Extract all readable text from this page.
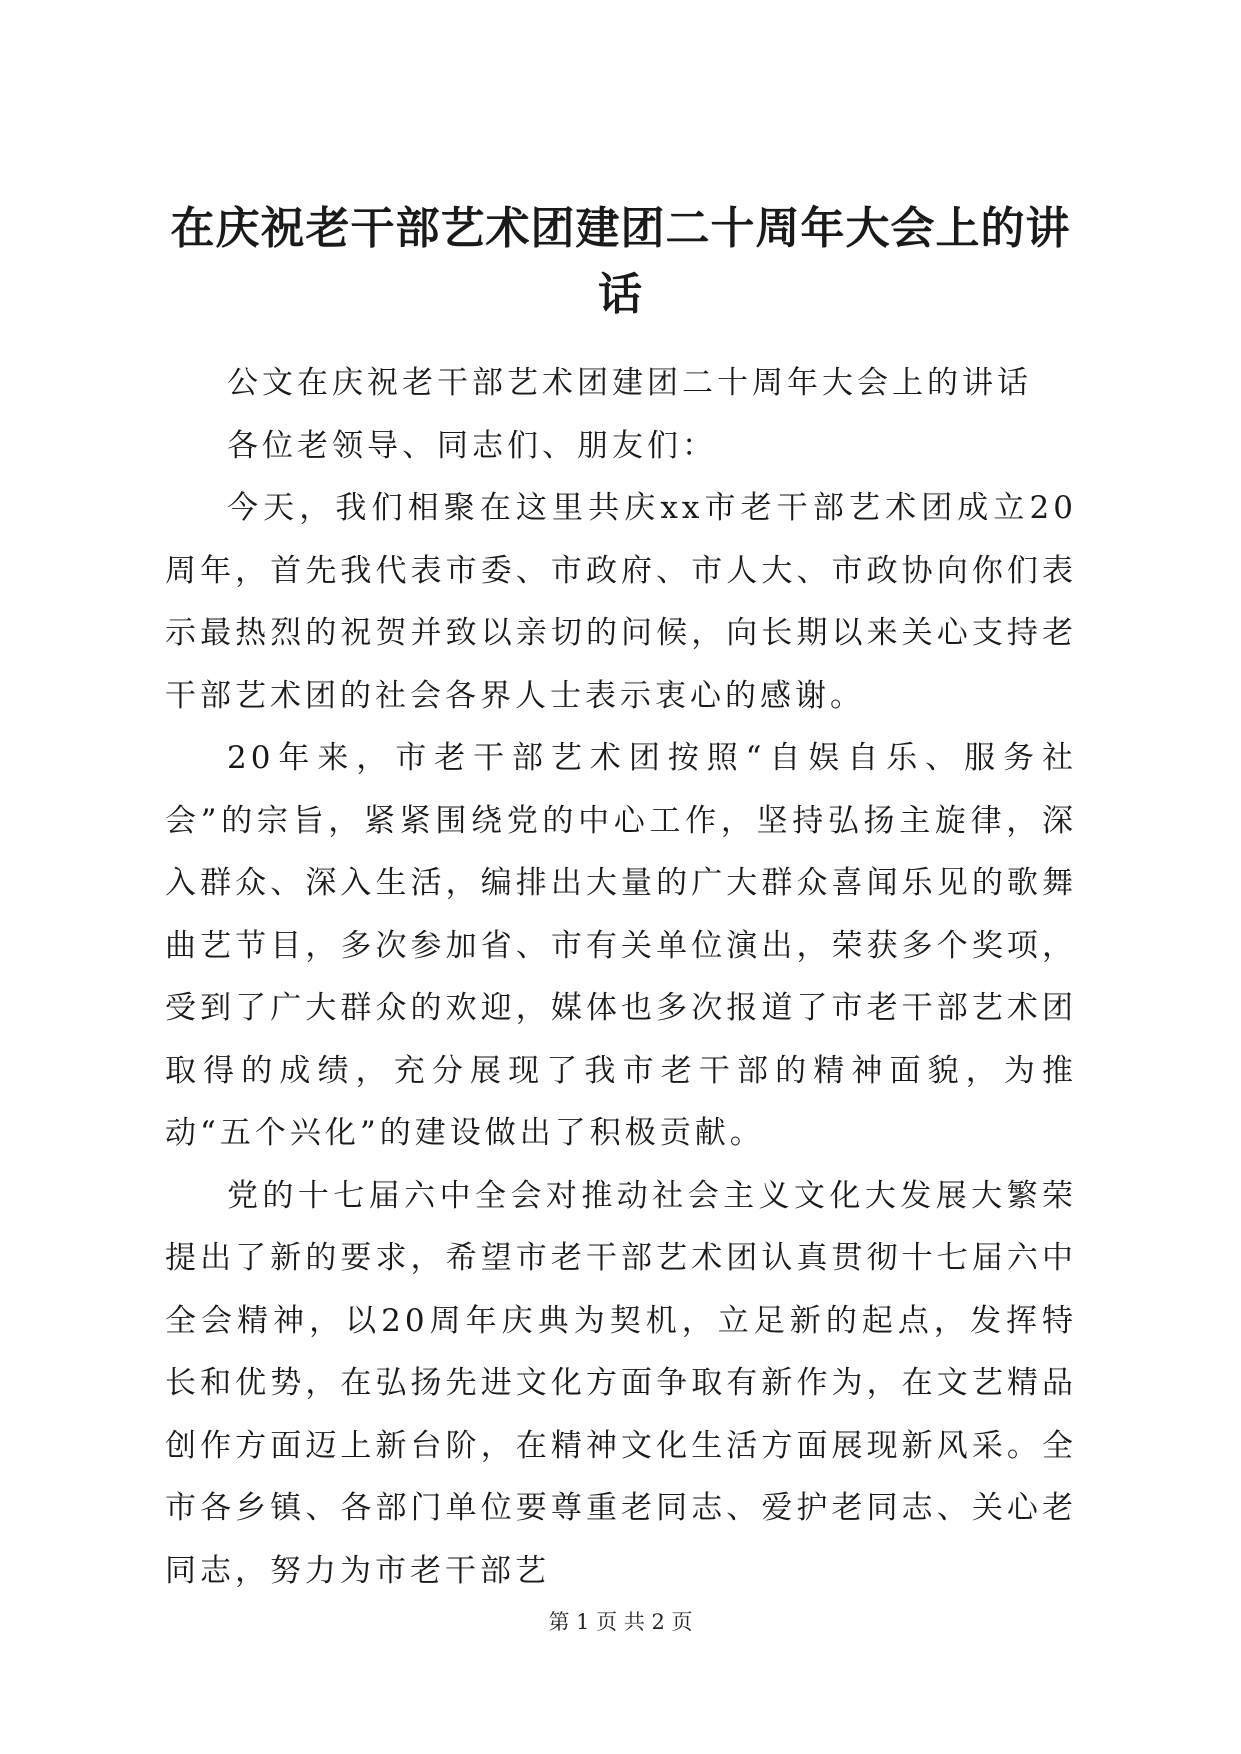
在庆祝老干部艺术团建团二十周年大会上的讲话

公文在庆祝老干部艺术团建团二十周年大会上的讲话

各位老领导、同志们、朋友们：

今天，我们相聚在这里共庆xx市老干部艺术团成立20周年，首先我代表市委、市政府、市人大、市政协向你们表示最热烈的祝贺并致以亲切的问候，向长期以来关心支持老干部艺术团的社会各界人士表示衷心的感谢。

20年来，市老干部艺术团按照“自娱自乐、服务社会”的宗旨，紧紧围绕党的中心工作，坚持弘扬主旋律，深入群众、深入生活，编排出大量的广大群众喜闻乐见的歌舞曲艺节目，多次参加省、市有关单位演出，荣获多个奖项，受到了广大群众的欢迎，媒体也多次报道了市老干部艺术团取得的成绩，充分展现了我市老干部的精神面貌，为推动“五个兴化”的建设做出了积极贡献。

党的十七届六中全会对推动社会主义文化大发展大繁荣提出了新的要求，希望市老干部艺术团认真贯彻十七届六中全会精神，以20周年庆典为契机，立足新的起点，发挥特长和优势，在弘扬先进文化方面争取有新作为，在文艺精品创作方面迈上新台阶，在精神文化生活方面展现新风采。全市各乡镇、各部门单位要尊重老同志、爱护老同志、关心老同志，努力为市老干部艺

第 1 页 共 2 页
